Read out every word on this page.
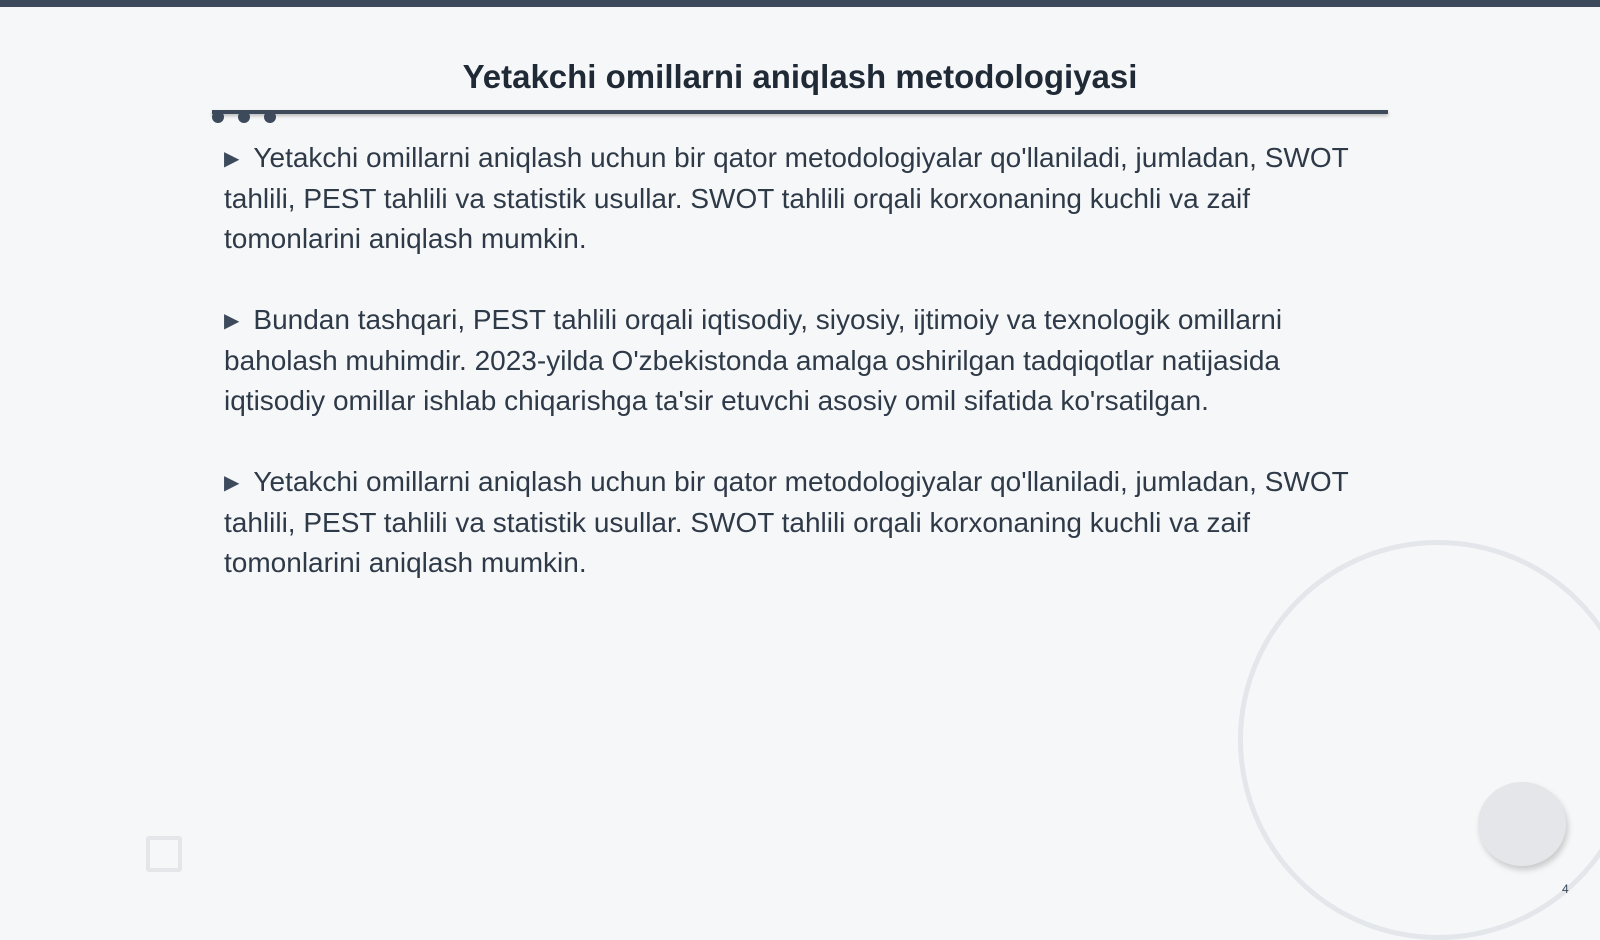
Yetakchi omillarni aniqlash metodologiyasi

▶ Yetakchi omillarni aniqlash uchun bir qator metodologiyalar qo'llaniladi, jumladan, SWOT tahlili, PEST tahlili va statistik usullar. SWOT tahlili orqali korxonaning kuchli va zaif tomonlarini aniqlash mumkin.

▶ Bundan tashqari, PEST tahlili orqali iqtisodiy, siyosiy, ijtimoiy va texnologik omillarni baholash muhimdir. 2023-yilda O'zbekistonda amalga oshirilgan tadqiqotlar natijasida iqtisodiy omillar ishlab chiqarishga ta'sir etuvchi asosiy omil sifatida ko'rsatilgan.

▶ Yetakchi omillarni aniqlash uchun bir qator metodologiyalar qo'llaniladi, jumladan, SWOT tahlili, PEST tahlili va statistik usullar. SWOT tahlili orqali korxonaning kuchli va zaif tomonlarini aniqlash mumkin.

4
